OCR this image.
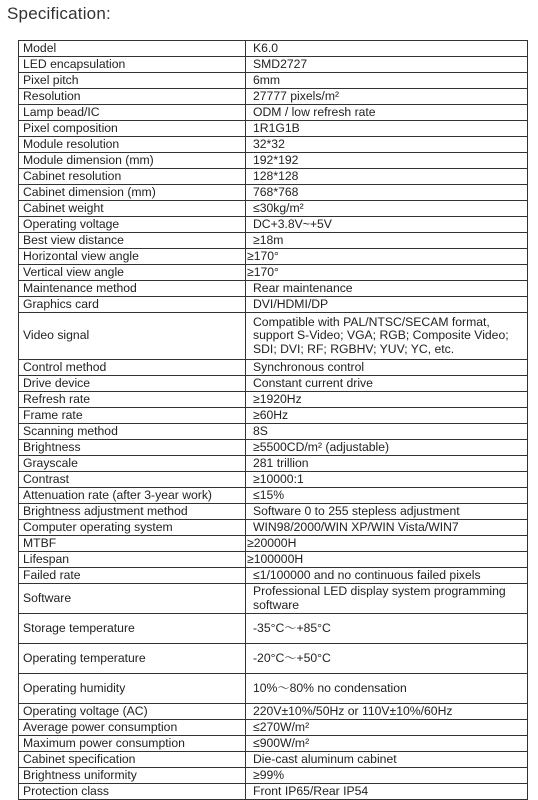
Specification:
Model	K6.0
LED encapsulation	SMD2727
Pixel pitch	6mm
Resolution	27777 pixels/m²
Lamp bead/IC	ODM / low refresh rate
Pixel composition	1R1G1B
Module resolution	32*32
Module dimension (mm)	192*192
Cabinet resolution	128*128
Cabinet dimension (mm)	768*768
Cabinet weight	≤30kg/m²
Operating voltage	DC+3.8V~+5V
Best view distance	≥18m
Horizontal view angle	≥170°
Vertical view angle	≥170°
Maintenance method	Rear maintenance
Graphics card	DVI/HDMI/DP
Video signal	Compatible with PAL/NTSC/SECAM format, support S-Video; VGA; RGB; Composite Video; SDI; DVI; RF; RGBHV; YUV; YC, etc.
Control method	Synchronous control
Drive device	Constant current drive
Refresh rate	≥1920Hz
Frame rate	≥60Hz
Scanning method	8S
Brightness	≥5500CD/m² (adjustable)
Grayscale	281 trillion
Contrast	≥10000:1
Attenuation rate (after 3-year work)	≤15%
Brightness adjustment method	Software 0 to 255 stepless adjustment
Computer operating system	WIN98/2000/WIN XP/WIN Vista/WIN7
MTBF	≥20000H
Lifespan	≥100000H
Failed rate	≤1/100000 and no continuous failed pixels
Software	Professional LED display system programming software
Storage temperature	-35°C～+85°C
Operating temperature	-20°C～+50°C
Operating humidity	10%～80% no condensation
Operating voltage (AC)	220V±10%/50Hz or 110V±10%/60Hz
Average power consumption	≤270W/m²
Maximum power consumption	≤900W/m²
Cabinet specification	Die-cast aluminum cabinet
Brightness uniformity	≥99%
Protection class	Front IP65/Rear IP54
